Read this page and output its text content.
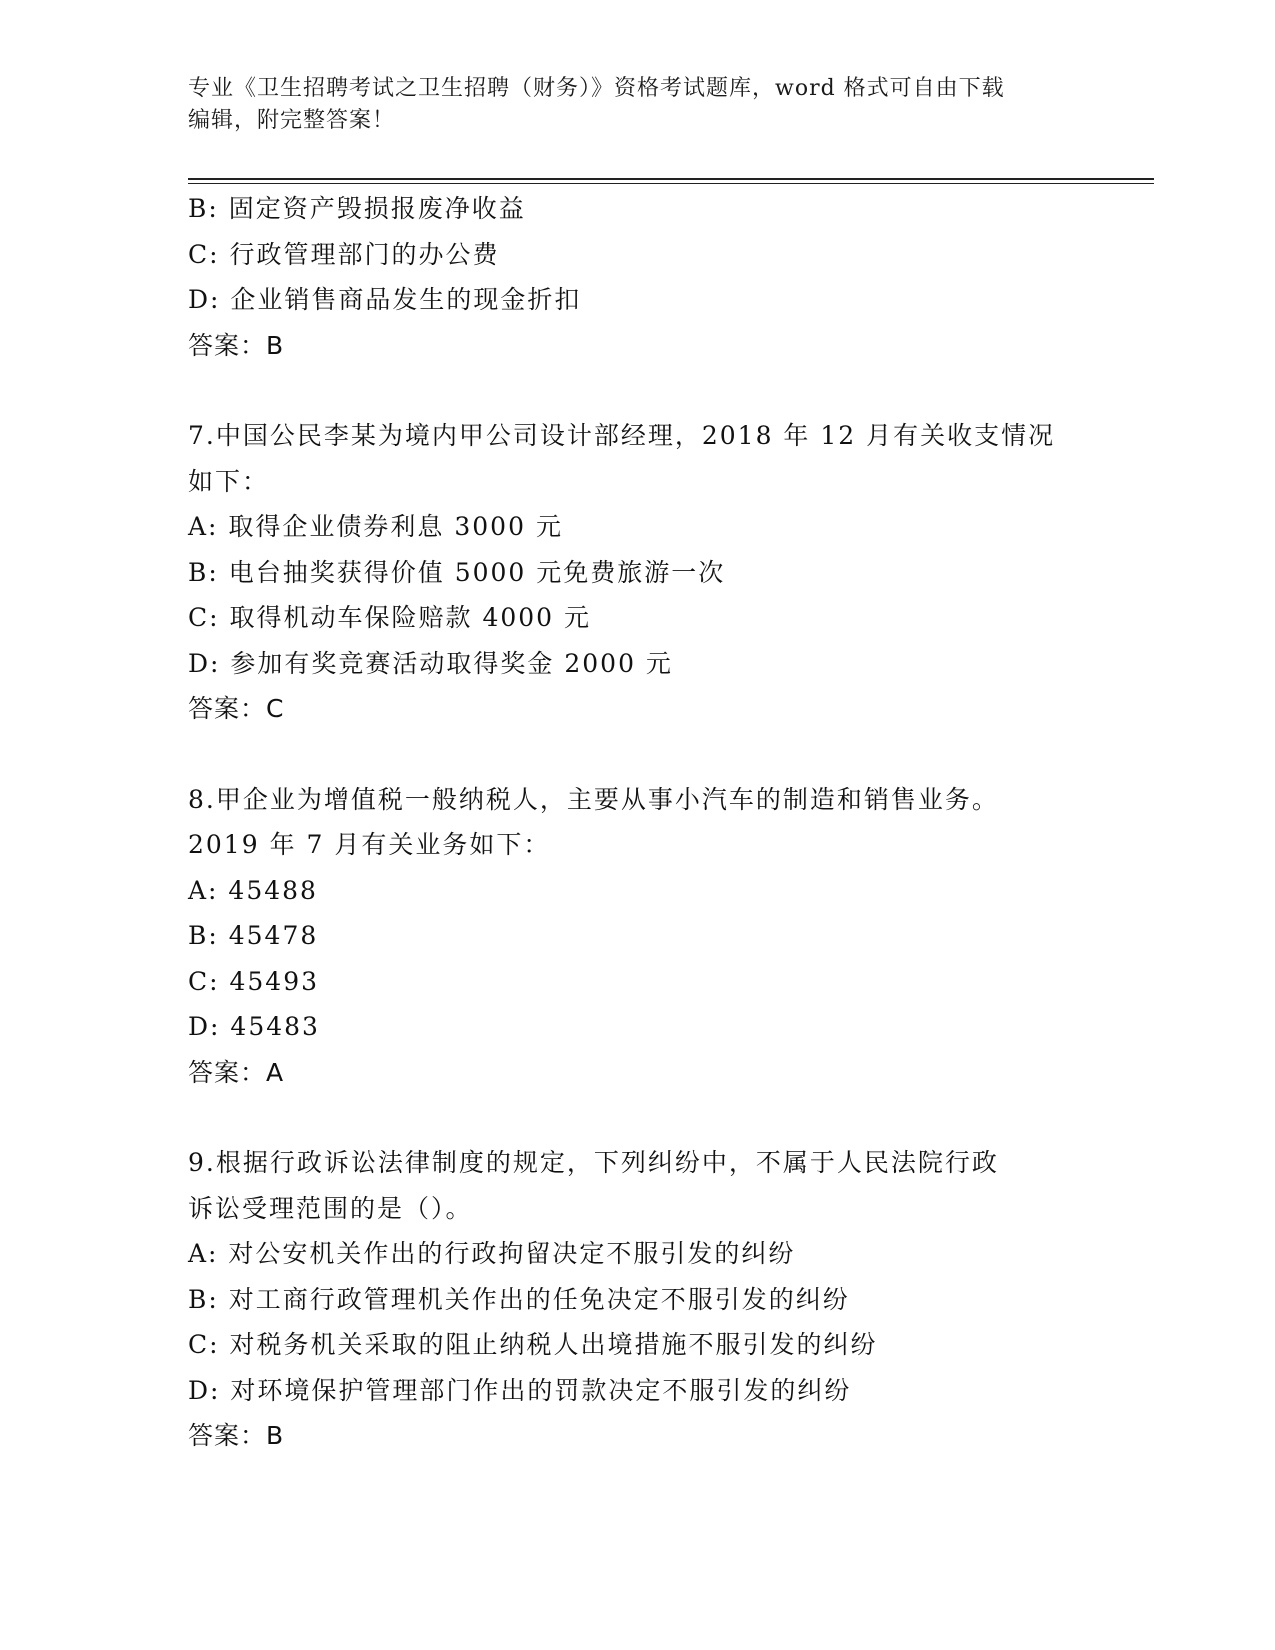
专业《卫生招聘考试之卫生招聘（财务）》资格考试题库，word 格式可自由下载
编辑，附完整答案！
B: 固定资产毁损报废净收益
C: 行政管理部门的办公费
D: 企业销售商品发生的现金折扣
答案：B
7.中国公民李某为境内甲公司设计部经理，2018 年 12 月有关收支情况
如下：
A: 取得企业债券利息 3000 元
B: 电台抽奖获得价值 5000 元免费旅游一次
C: 取得机动车保险赔款 4000 元
D: 参加有奖竞赛活动取得奖金 2000 元
答案：C
8.甲企业为增值税一般纳税人，主要从事小汽车的制造和销售业务。
2019 年 7 月有关业务如下：
A: 45488
B: 45478
C: 45493
D: 45483
答案：A
9.根据行政诉讼法律制度的规定，下列纠纷中，不属于人民法院行政
诉讼受理范围的是（）。
A: 对公安机关作出的行政拘留决定不服引发的纠纷
B: 对工商行政管理机关作出的任免决定不服引发的纠纷
C: 对税务机关采取的阻止纳税人出境措施不服引发的纠纷
D: 对环境保护管理部门作出的罚款决定不服引发的纠纷
答案：B
